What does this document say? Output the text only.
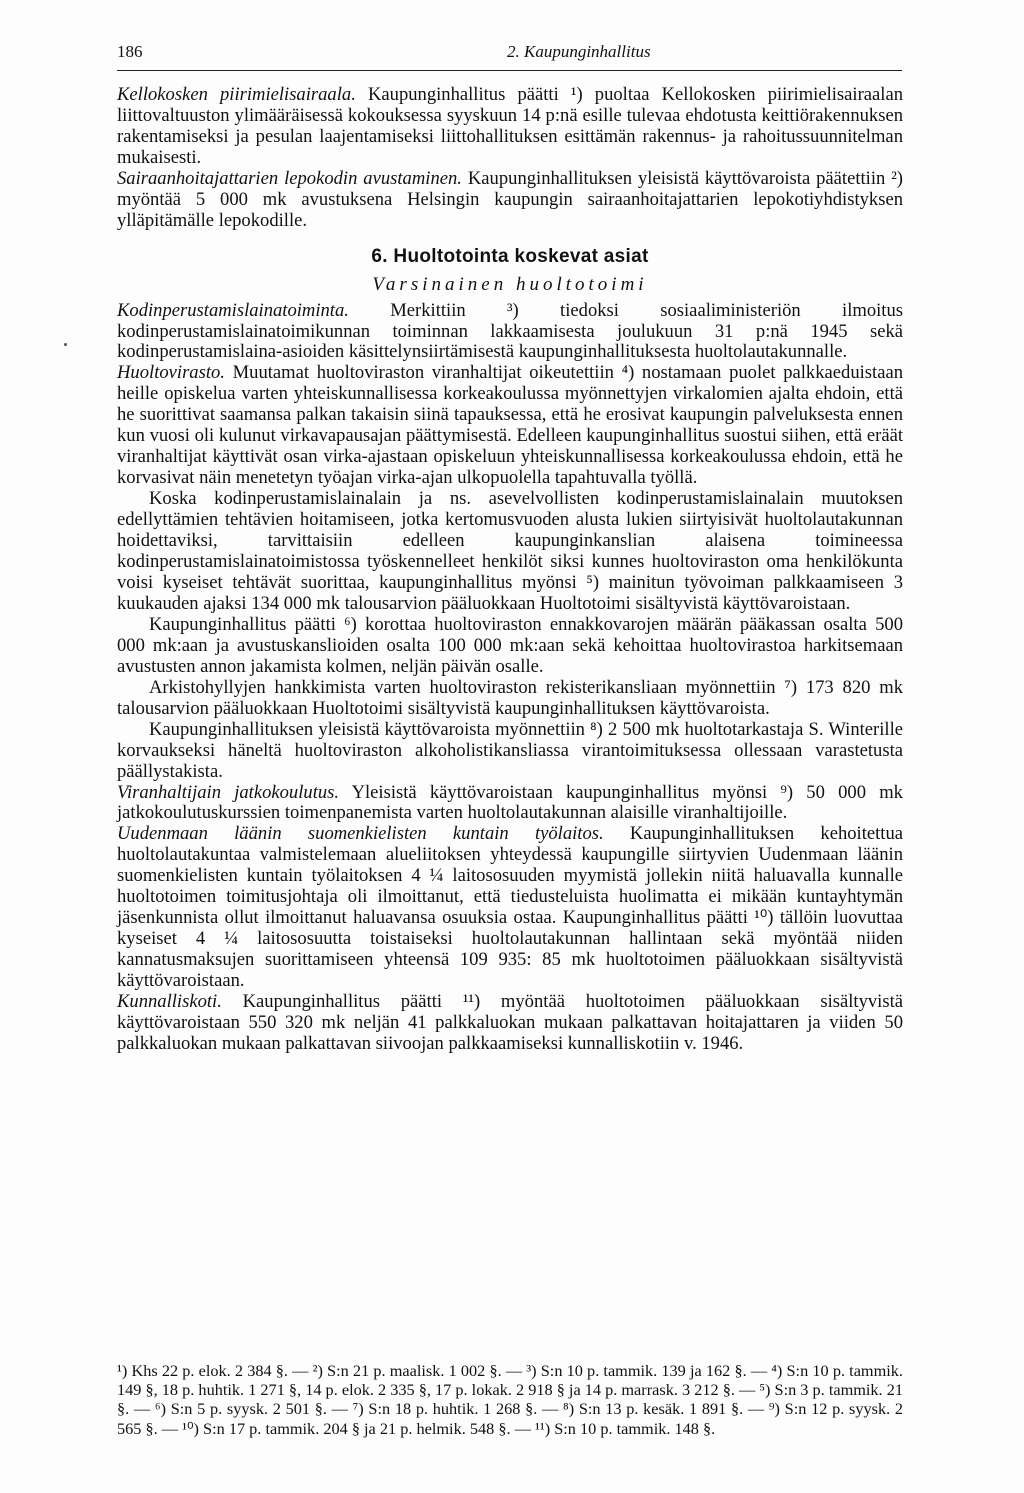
186	2. Kaupunginhallitus

Kellokosken piirimielisairaala. Kaupunginhallitus päätti ¹) puoltaa Kellokosken piirimielisairaalan liittovaltuuston ylimääräisessä kokouksessa syyskuun 14 p:nä esille tulevaa ehdotusta keittiörakennuksen rakentamiseksi ja pesulan laajentamiseksi liittohallituksen esittämän rakennus- ja rahoitussuunnitelman mukaisesti.

Sairaanhoitajattarien lepokodin avustaminen. Kaupunginhallituksen yleisistä käyttövaroista päätettiin ²) myöntää 5 000 mk avustuksena Helsingin kaupungin sairaanhoitajattarien lepokotiyhdistyksen ylläpitämälle lepokodille.

6. Huoltotointa koskevat asiat
Varsinainen huoltotoimi

Kodinperustamislainatoiminta. Merkittiin ³) tiedoksi sosiaaliministeriön ilmoitus kodinperustamislainatoimikunnan toiminnan lakkaamisesta joulukuun 31 p:nä 1945 sekä kodinperustamislaina-asioiden käsittelynsiirtämisestä kaupunginhallituksesta huoltolautakunnalle.

Huoltovirasto. Muutamat huoltoviraston viranhaltijat oikeutettiin ⁴) nostamaan puolet palkkaeduistaan heille opiskelua varten yhteiskunnallisessa korkeakoulussa myönnettyjen virkalomien ajalta ehdoin, että he suorittivat saamansa palkan takaisin siinä tapauksessa, että he erosivat kaupungin palveluksesta ennen kun vuosi oli kulunut virkavapausajan päättymisestä. Edelleen kaupunginhallitus suostui siihen, että eräät viranhaltijat käyttivät osan virka-ajastaan opiskeluun yhteiskunnallisessa korkeakoulussa ehdoin, että he korvasivat näin menetetyn työajan virka-ajan ulkopuolella tapahtuvalla työllä.

Koska kodinperustamislainalain ja ns. asevelvollisten kodinperustamislainalain muutoksen edellyttämien tehtävien hoitamiseen, jotka kertomusvuoden alusta lukien siirtyisivät huoltolautakunnan hoidettaviksi, tarvittaisiin edelleen kaupunginkanslian alaisena toimineessa kodinperustamislainatoimistossa työskennelleet henkilöt siksi kunnes huoltoviraston oma henkilökunta voisi kyseiset tehtävät suorittaa, kaupunginhallitus myönsi ⁵) mainitun työvoiman palkkaamiseen 3 kuukauden ajaksi 134 000 mk talousarvion pääluokkaan Huoltotoimi sisältyvistä käyttövaroistaan.

Kaupunginhallitus päätti ⁶) korottaa huoltoviraston ennakkovarojen määrän pääkassan osalta 500 000 mk:aan ja avustuskanslioiden osalta 100 000 mk:aan sekä kehoittaa huoltovirastoa harkitsemaan avustusten annon jakamista kolmen, neljän päivän osalle.

Arkistohyllyjen hankkimista varten huoltoviraston rekisterikansliaan myönnettiin ⁷) 173 820 mk talousarvion pääluokkaan Huoltotoimi sisältyvistä kaupunginhallituksen käyttövaroista.

Kaupunginhallituksen yleisistä käyttövaroista myönnettiin ⁸) 2 500 mk huoltotarkastaja S. Winterille korvaukseksi häneltä huoltoviraston alkoholistikansliassa virantoimituksessa ollessaan varastetusta päällystakista.

Viranhaltijain jatkokoulutus. Yleisistä käyttövaroistaan kaupunginhallitus myönsi ⁹) 50 000 mk jatkokoulutuskurssien toimenpanemista varten huoltolautakunnan alaisille viranhaltijoille.

Uudenmaan läänin suomenkielisten kuntain työlaitos. Kaupunginhallituksen kehoitettua huoltolautakuntaa valmistelemaan alueliitoksen yhteydessä kaupungille siirtyvien Uudenmaan läänin suomenkielisten kuntain työlaitoksen 4 ¼ laitososuuden myymistä jollekin niitä haluavalla kunnalle huoltotoimen toimitusjohtaja oli ilmoittanut, että tiedusteluista huolimatta ei mikään kuntayhtymän jäsenkunnista ollut ilmoittanut haluavansa osuuksia ostaa. Kaupunginhallitus päätti ¹⁰) tällöin luovuttaa kyseiset 4 ¼ laitososuutta toistaiseksi huoltolautakunnan hallintaan sekä myöntää niiden kannatusmaksujen suorittamiseen yhteensä 109 935: 85 mk huoltotoimen pääluokkaan sisältyvistä käyttövaroistaan.

Kunnalliskoti. Kaupunginhallitus päätti ¹¹) myöntää huoltotoimen pääluokkaan sisältyvistä käyttövaroistaan 550 320 mk neljän 41 palkkaluokan mukaan palkattavan hoitajattaren ja viiden 50 palkkaluokan mukaan palkattavan siivoojan palkkaamiseksi kunnalliskotiin v. 1946.

¹) Khs 22 p. elok. 2 384 §. — ²) S:n 21 p. maalisk. 1 002 §. — ³) S:n 10 p. tammik. 139 ja 162 §. — ⁴) S:n 10 p. tammik. 149 §, 18 p. huhtik. 1 271 §, 14 p. elok. 2 335 §, 17 p. lokak. 2 918 § ja 14 p. marrask. 3 212 §. — ⁵) S:n 3 p. tammik. 21 §. — ⁶) S:n 5 p. syysk. 2 501 §. — ⁷) S:n 18 p. huhtik. 1 268 §. — ⁸) S:n 13 p. kesäk. 1 891 §. — ⁹) S:n 12 p. syysk. 2 565 §. — ¹⁰) S:n 17 p. tammik. 204 § ja 21 p. helmik. 548 §. — ¹¹) S:n 10 p. tammik. 148 §.
